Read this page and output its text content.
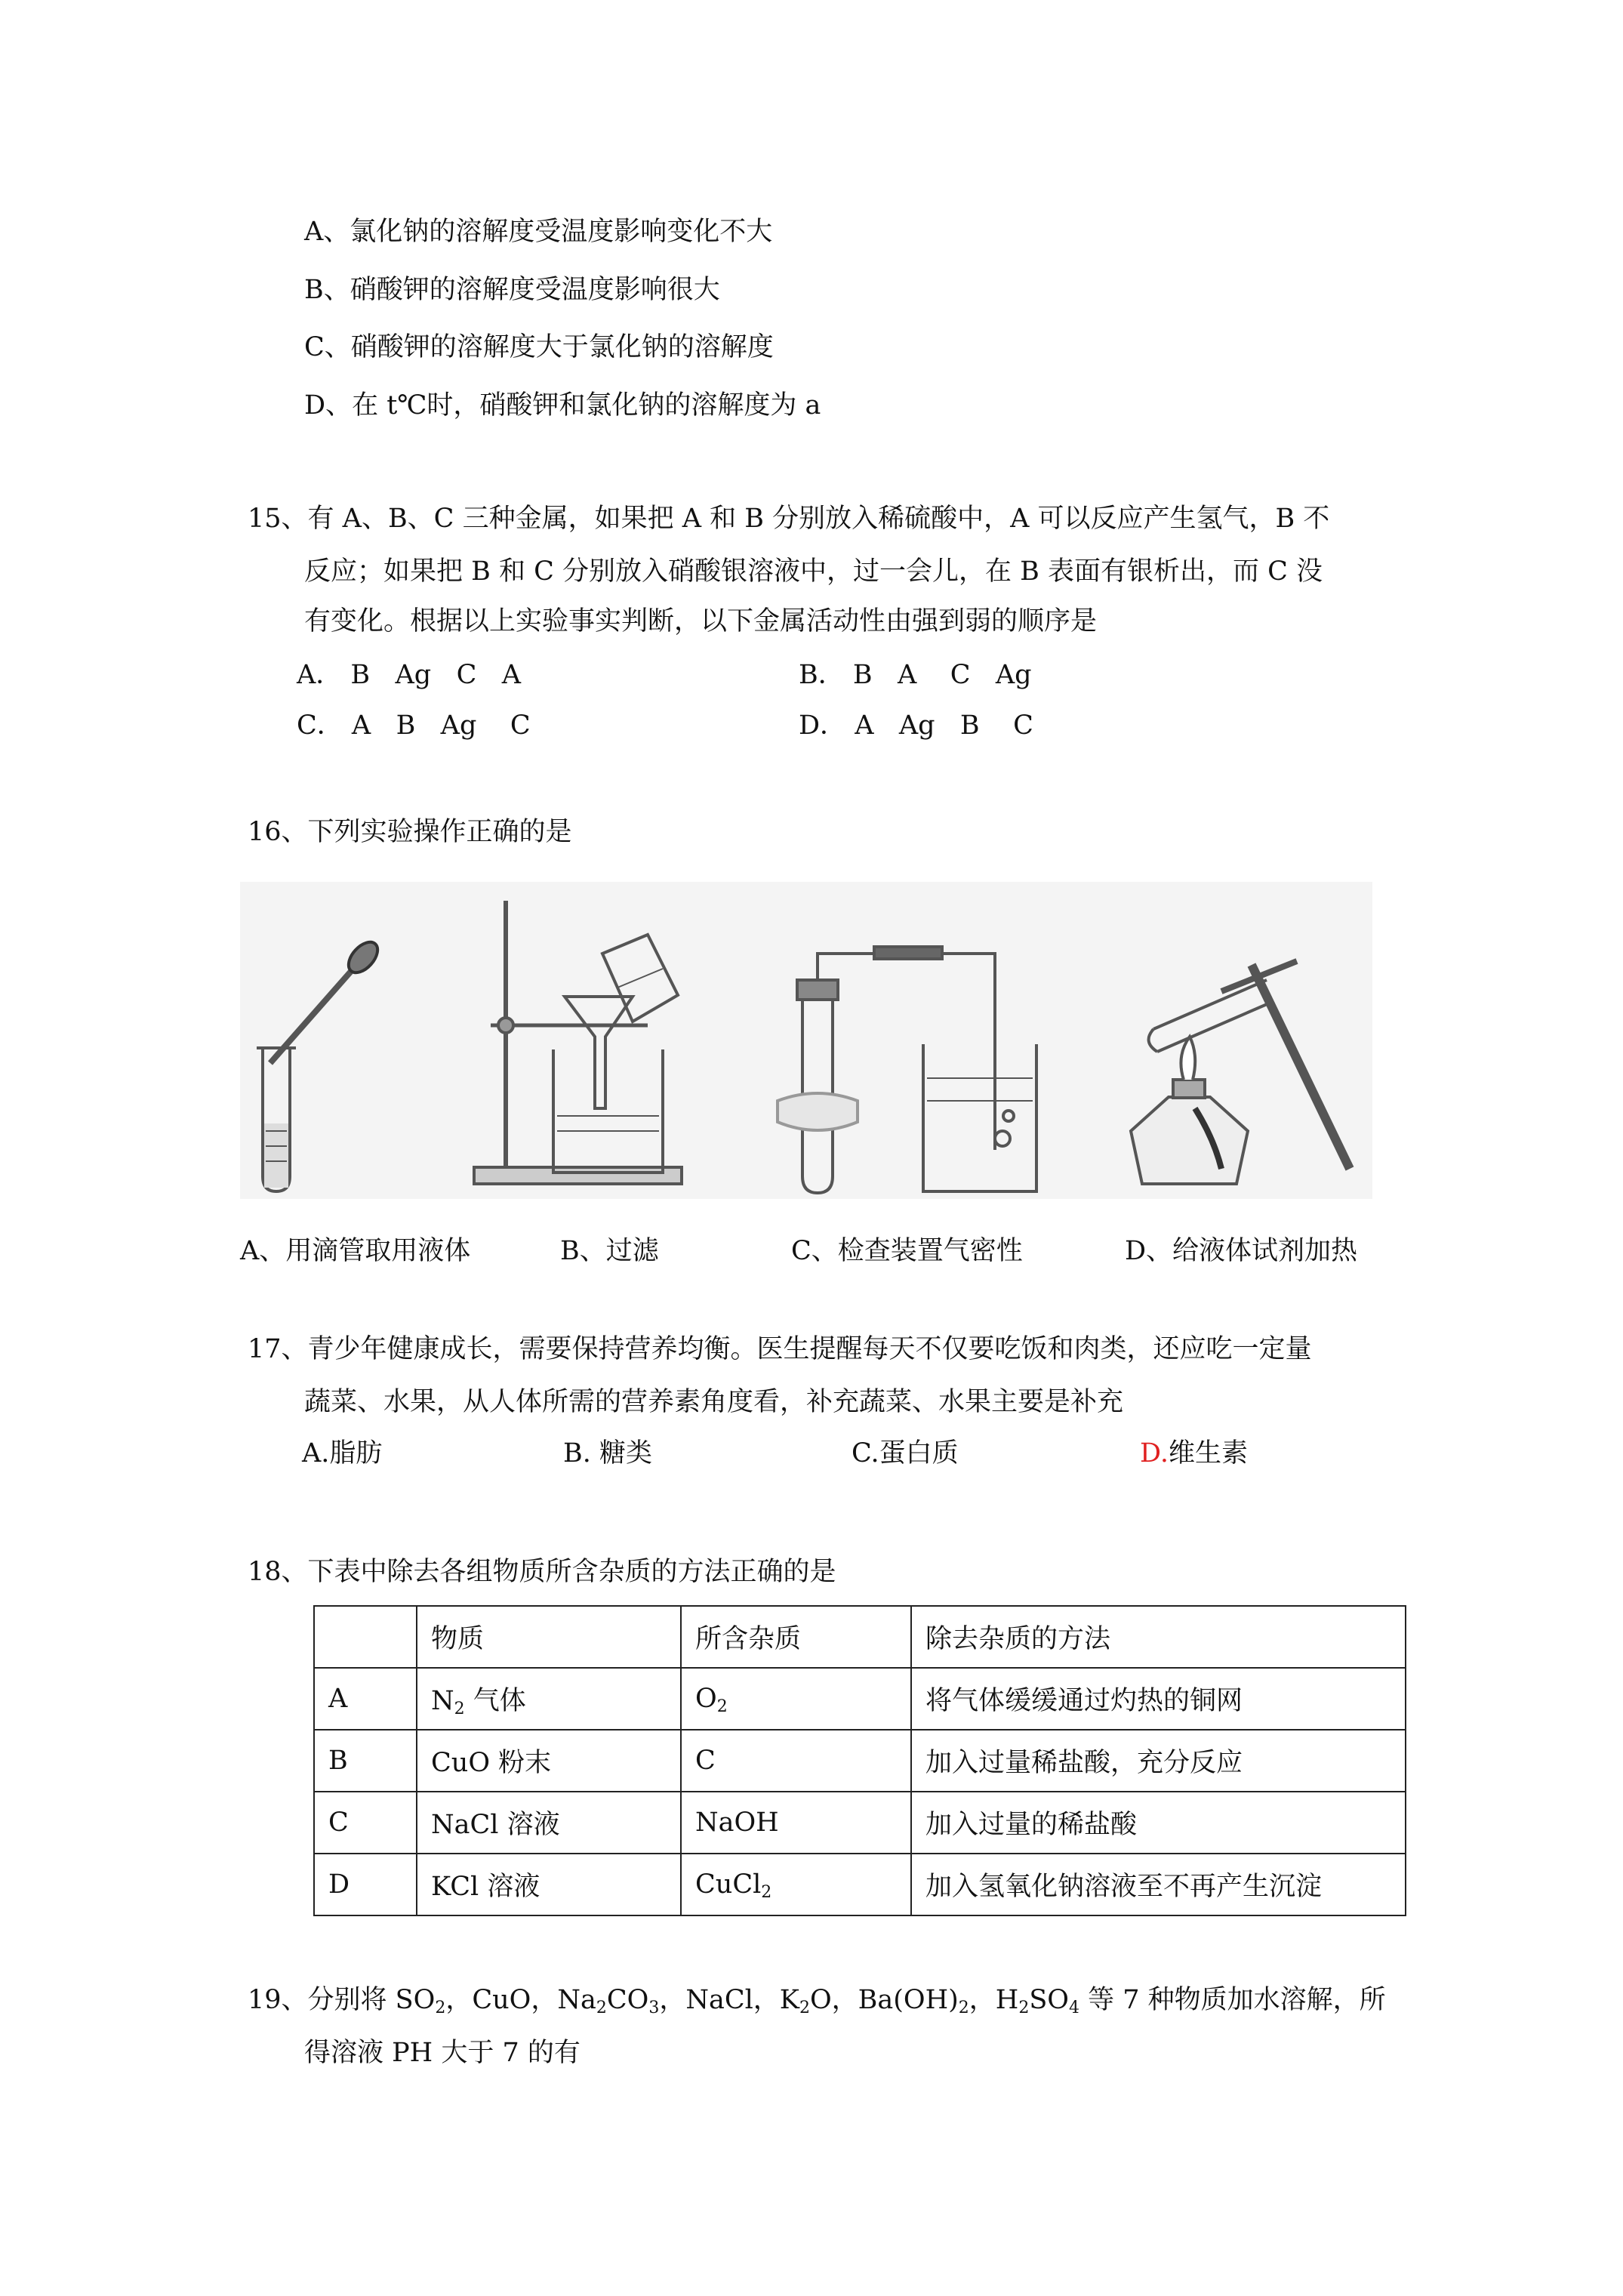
A、氯化钠的溶解度受温度影响变化不大
B、硝酸钾的溶解度受温度影响很大
C、硝酸钾的溶解度大于氯化钠的溶解度
D、在 t℃时，硝酸钾和氯化钠的溶解度为 a
15、有 A、B、C 三种金属，如果把 A 和 B 分别放入稀硫酸中，A 可以反应产生氢气，B 不
反应；如果把 B 和 C 分别放入硝酸银溶液中，过一会儿，在 B 表面有银析出，而 C 没
有变化。根据以上实验事实判断，以下金属活动性由强到弱的顺序是
A． B   Ag   C   A	B． B   A    C   Ag
C． A   B   Ag    C	D． A   Ag   B    C
16、下列实验操作正确的是
A、用滴管取用液体	B、过滤	C、检查装置气密性	D、给液体试剂加热
17、青少年健康成长，需要保持营养均衡。医生提醒每天不仅要吃饭和肉类，还应吃一定量
蔬菜、水果，从人体所需的营养素角度看，补充蔬菜、水果主要是补充
A.脂肪	B. 糖类	C.蛋白质	D.维生素
18、下表中除去各组物质所含杂质的方法正确的是
	物质	所含杂质	除去杂质的方法
A	$N_2$ 气体	$O_2$	将气体缓缓通过灼热的铜网
B	CuO 粉末	C	加入过量稀盐酸，充分反应
C	NaCl 溶液	NaOH	加入过量的稀盐酸
D	KCl 溶液	CuCl$_2$	加入氢氧化钠溶液至不再产生沉淀
19、分别将 $SO_2$，CuO，$Na_2CO_3$，NaCl，$K_2O$，$Ba(OH)_2$，$H_2SO_4$ 等 7 种物质加水溶解，所
得溶液 PH 大于 7 的有
